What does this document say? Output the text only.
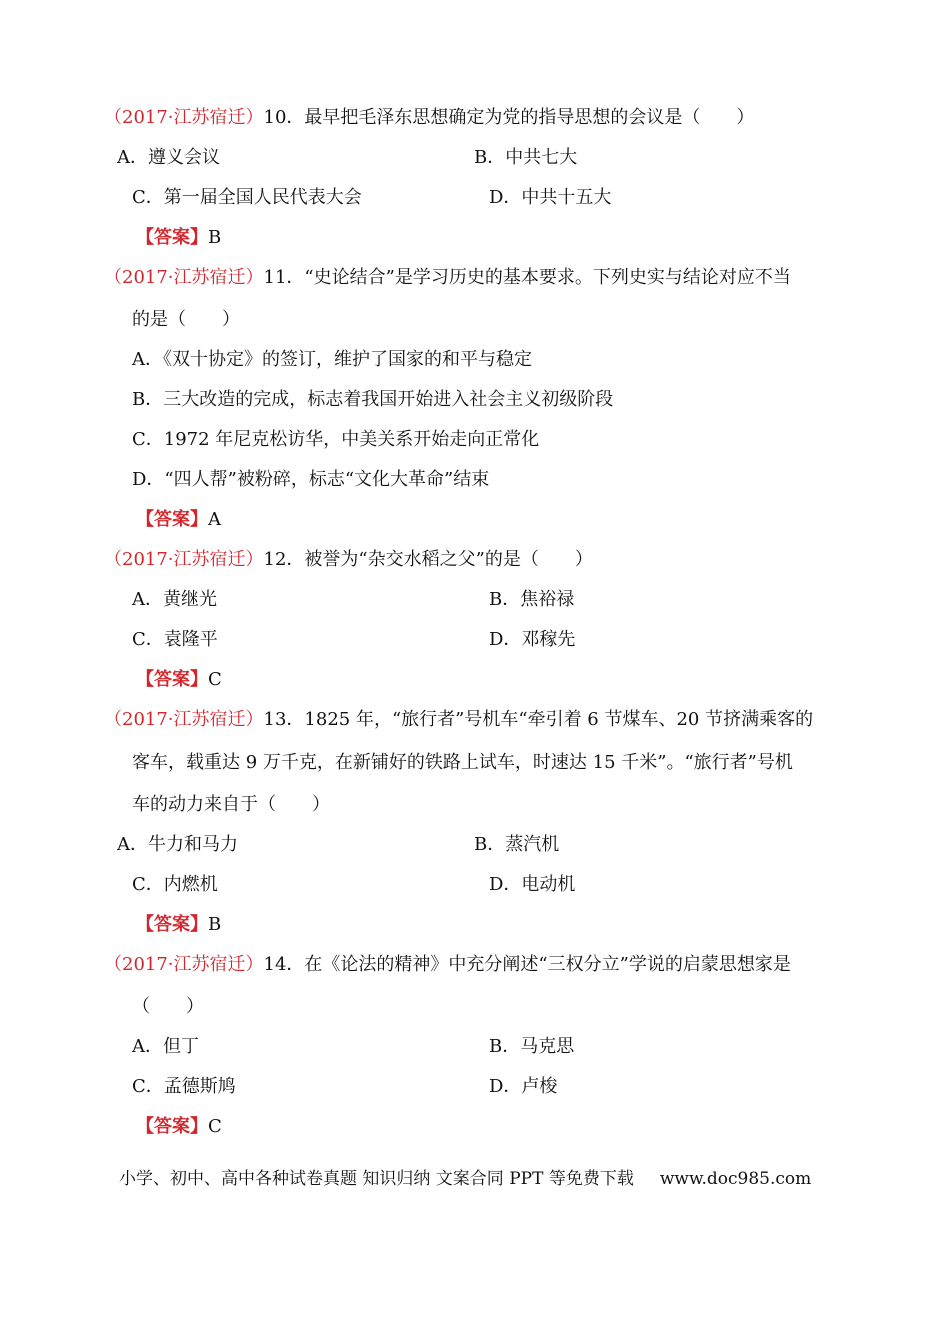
（2017·江苏宿迁）10．最早把毛泽东思想确定为党的指导思想的会议是（　　）
A．遵义会议	B．中共七大
C．第一届全国人民代表大会	D．中共十五大
【答案】B
（2017·江苏宿迁）11．“史论结合”是学习历史的基本要求。下列史实与结论对应不当
的是（　　）
A．《双十协定》的签订，维护了国家的和平与稳定
B．三大改造的完成，标志着我国开始进入社会主义初级阶段
C．1972 年尼克松访华，中美关系开始走向正常化
D．“四人帮”被粉碎，标志“文化大革命”结束
【答案】A
（2017·江苏宿迁）12．被誉为“杂交水稻之父”的是（　　）
A．黄继光	B．焦裕禄
C．袁隆平	D．邓稼先
【答案】C
（2017·江苏宿迁）13．1825 年，“旅行者”号机车“牵引着 6 节煤车、20 节挤满乘客的
客车，载重达 9 万千克，在新铺好的铁路上试车，时速达 15 千米”。“旅行者”号机
车的动力来自于（　　）
A．牛力和马力	B．蒸汽机
C．内燃机	D．电动机
【答案】B
（2017·江苏宿迁）14．在《论法的精神》中充分阐述“三权分立”学说的启蒙思想家是
（　　）
A．但丁	B．马克思
C．孟德斯鸠	D．卢梭
【答案】C
小学、初中、高中各种试卷真题 知识归纳 文案合同 PPT 等免费下载 www.doc985.com
